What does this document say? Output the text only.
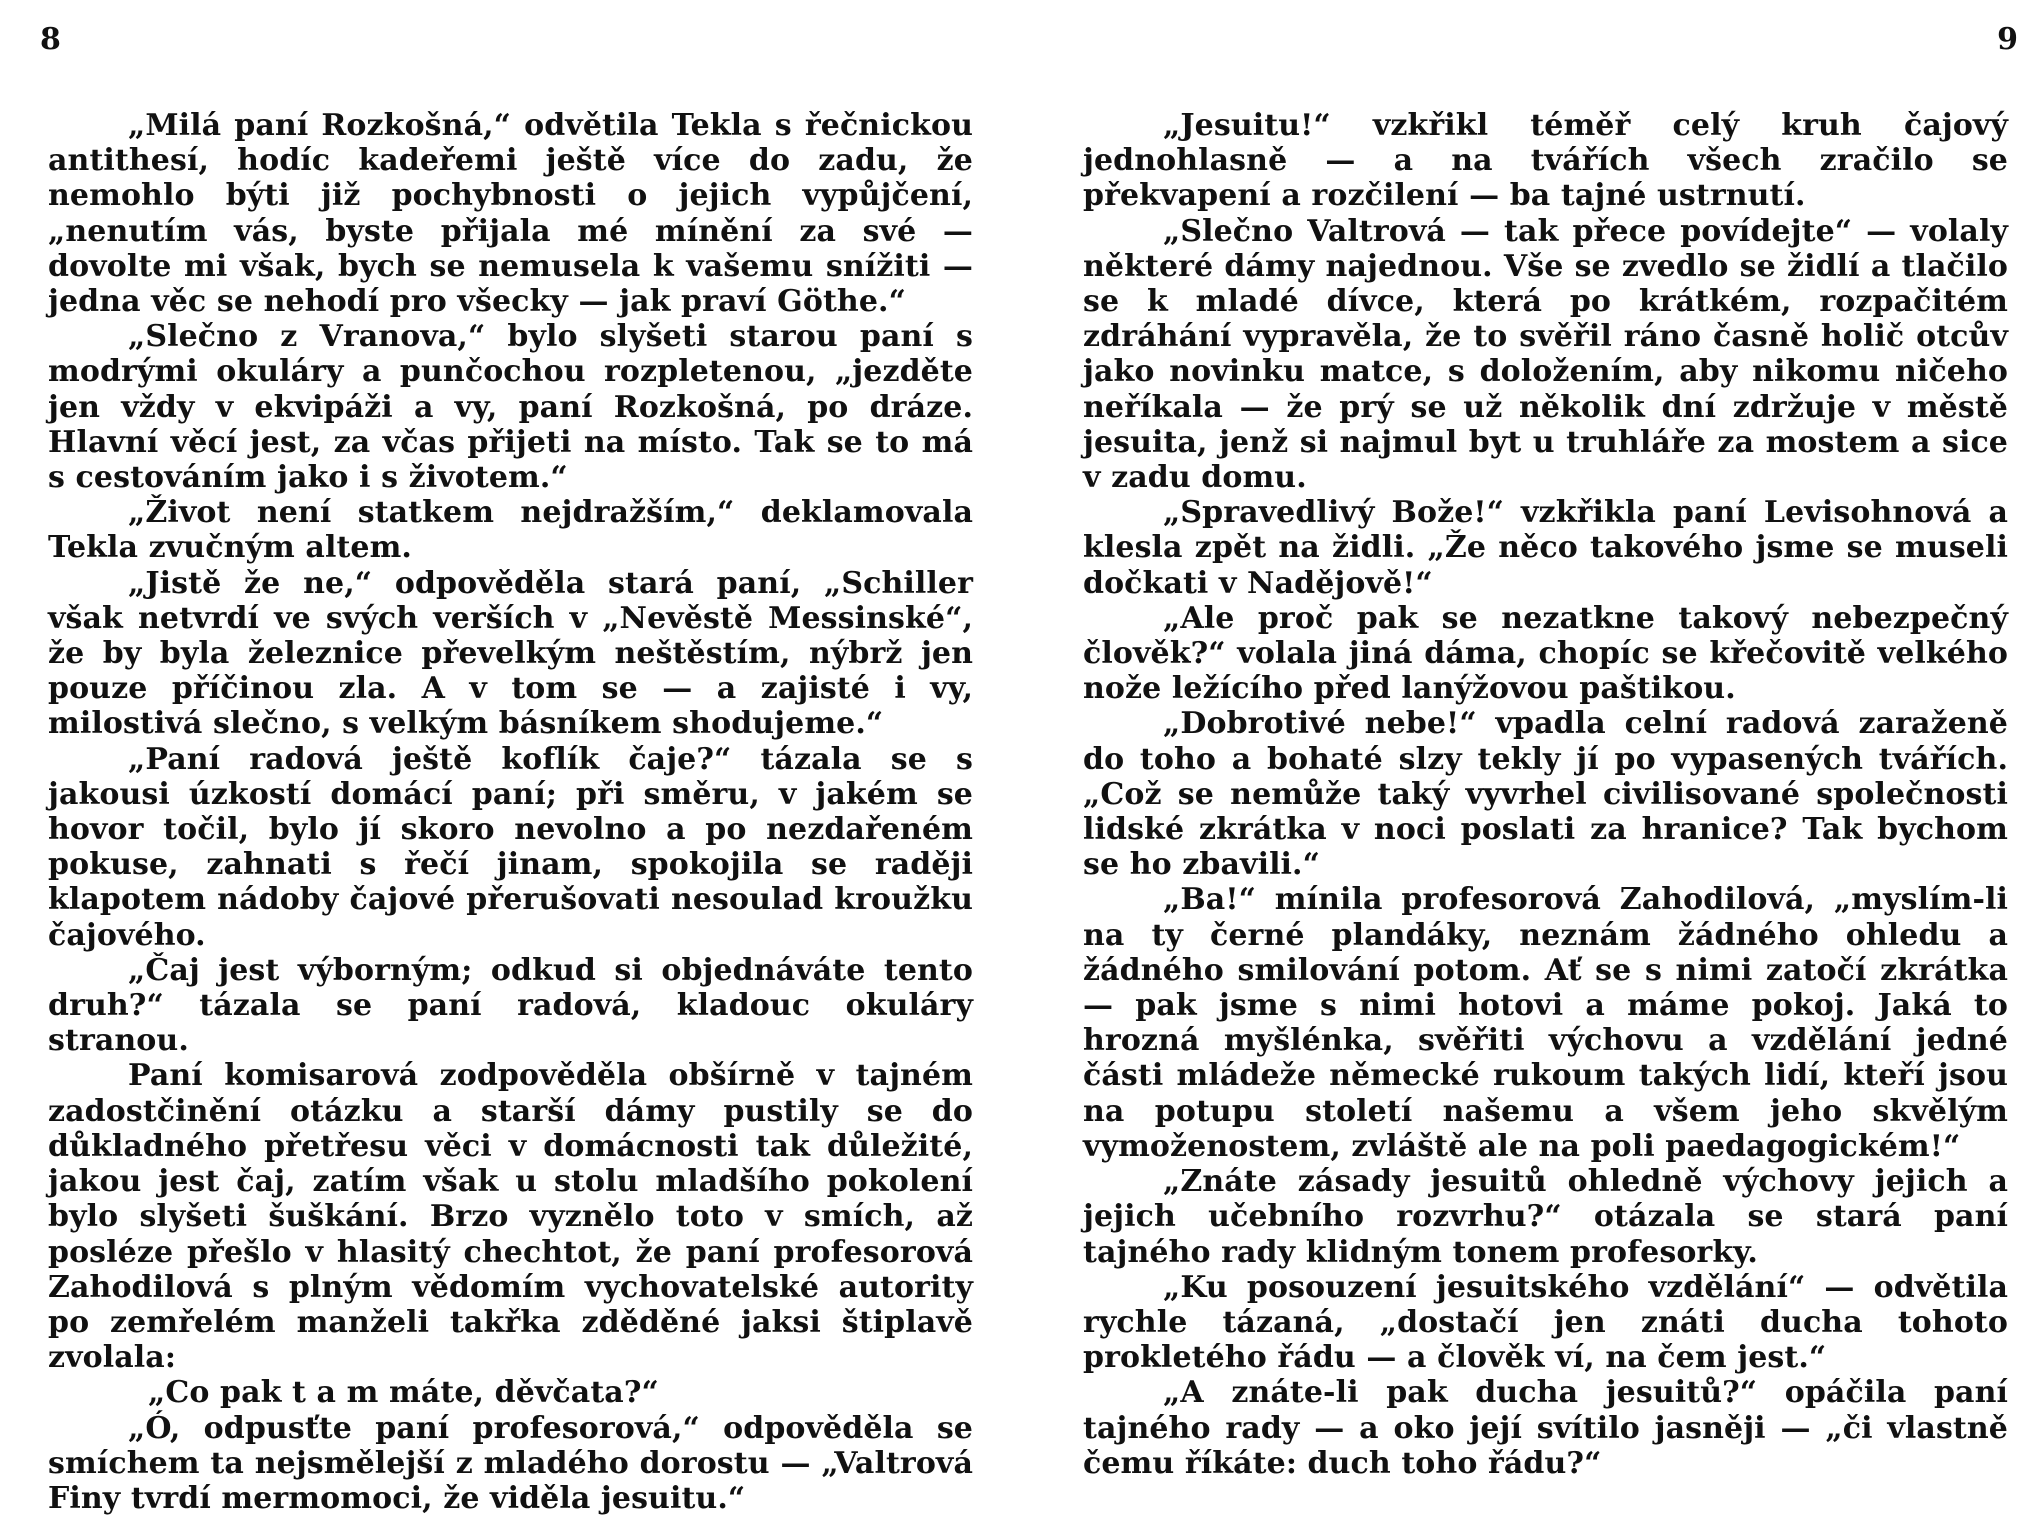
8

„Milá paní Rozkošná,“ odvětila Tekla s řečnickou antithesí, hodíc kadeřemi ještě více do zadu, že nemohlo býti již pochybnosti o jejich vypůjčení, „nenutím vás, byste přijala mé mínění za své — dovolte mi však, bych se nemusela k vašemu snížiti — jedna věc se nehodí pro všecky — jak praví Göthe.“

„Slečno z Vranova,“ bylo slyšeti starou paní s modrými okuláry a punčochou rozpletenou, „jezděte jen vždy v ekvipáži a vy, paní Rozkošná, po dráze. Hlavní věcí jest, za včas přijeti na místo. Tak se to má s cestováním jako i s životem.“

„Život není statkem nejdražším,“ deklamovala Tekla zvučným altem.

„Jistě že ne,“ odpověděla stará paní, „Schiller však netvrdí ve svých verších v „Nevěstě Messinské“, že by byla železnice převelkým neštěstím, nýbrž jen pouze příčinou zla. A v tom se — a zajisté i vy, milostivá slečno, s velkým básníkem shodujeme.“

„Paní radová ještě koflík čaje?“ tázala se s jakousi úzkostí domácí paní; při směru, v jakém se hovor točil, bylo jí skoro nevolno a po nezdařeném pokuse, zahnati s řečí jinam, spokojila se raději klapotem nádoby čajové přerušovati nesoulad kroužku čajového.

„Čaj jest výborným; odkud si objednáváte tento druh?“ tázala se paní radová, kladouc okuláry stranou.

Paní komisarová zodpověděla obšírně v tajném zadostčinění otázku a starší dámy pustily se do důkladného přetřesu věci v domácnosti tak důležité, jakou jest čaj, zatím však u stolu mladšího pokolení bylo slyšeti šuškání. Brzo vyznělo toto v smích, až posléze přešlo v hlasitý chechtot, že paní profesorová Zahodilová s plným vědomím vychovatelské autority po zemřelém manželi takřka zděděné jaksi štiplavě zvolala:

„Co pak t a m máte, děvčata?“

„Ó, odpusťte paní profesorová,“ odpověděla se smíchem ta nejsmělejší z mladého dorostu — „Valtrová Finy tvrdí mermomoci, že viděla jesuitu.“

9

„Jesuitu!“ vzkřikl téměř celý kruh čajový jednohlasně — a na tvářích všech zračilo se překvapení a rozčilení — ba tajné ustrnutí.

„Slečno Valtrová — tak přece povídejte“ — volaly některé dámy najednou. Vše se zvedlo se židlí a tlačilo se k mladé dívce, která po krátkém, rozpačitém zdráhání vypravěla, že to svěřil ráno časně holič otcův jako novinku matce, s doložením, aby nikomu ničeho neříkala — že prý se už několik dní zdržuje v městě jesuita, jenž si najmul byt u truhláře za mostem a sice v zadu domu.

„Spravedlivý Bože!“ vzkřikla paní Levisohnová a klesla zpět na židli. „Že něco takového jsme se museli dočkati v Nadějově!“

„Ale proč pak se nezatkne takový nebezpečný člověk?“ volala jiná dáma, chopíc se křečovitě velkého nože ležícího před lanýžovou paštikou.

„Dobrotivé nebe!“ vpadla celní radová zaraženě do toho a bohaté slzy tekly jí po vypasených tvářích. „Což se nemůže taký vyvrhel civilisované společnosti lidské zkrátka v noci poslati za hranice? Tak bychom se ho zbavili.“

„Ba!“ mínila profesorová Zahodilová, „myslím-li na ty černé plandáky, neznám žádného ohledu a žádného smilování potom. Ať se s nimi zatočí zkrátka — pak jsme s nimi hotovi a máme pokoj. Jaká to hrozná myšlénka, svěřiti výchovu a vzdělání jedné části mládeže německé rukoum takých lidí, kteří jsou na potupu století našemu a všem jeho skvělým vymoženostem, zvláště ale na poli paedagogickém!“

„Znáte zásady jesuitů ohledně výchovy jejich a jejich učebního rozvrhu?“ otázala se stará paní tajného rady klidným tonem profesorky.

„Ku posouzení jesuitského vzdělání“ — odvětila rychle tázaná, „dostačí jen znáti ducha tohoto prokletého řádu — a člověk ví, na čem jest.“

„A znáte-li pak ducha jesuitů?“ opáčila paní tajného rady — a oko její svítilo jasněji — „či vlastně čemu říkáte: duch toho řádu?“
